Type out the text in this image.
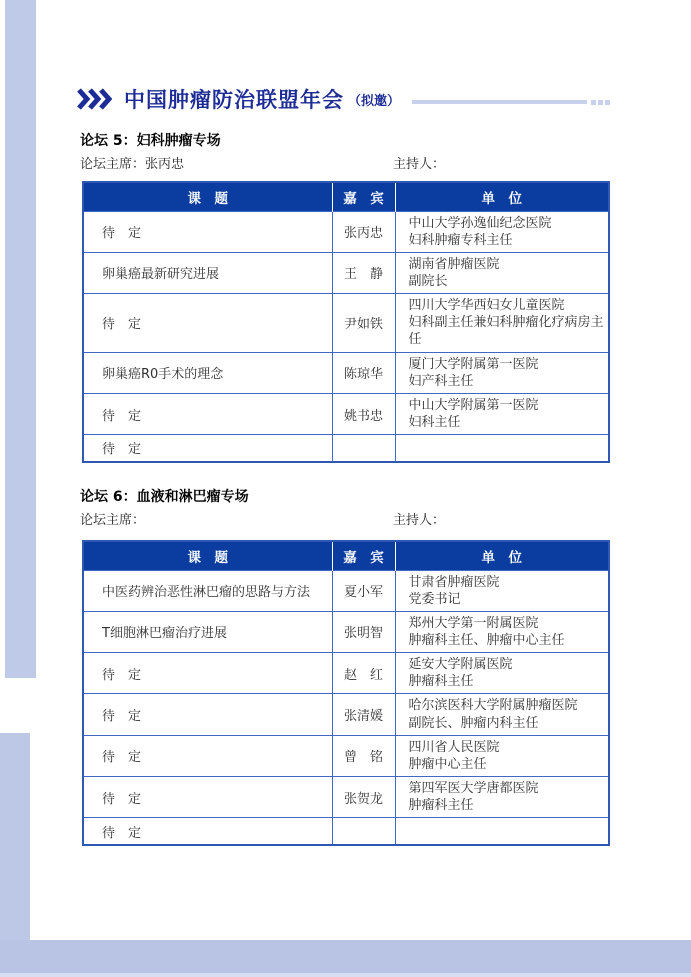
中国肿瘤防治联盟年会 （拟邀）
论坛 5：妇科肿瘤专场
论坛主席：张丙忠	主持人：
课　题	嘉　宾	单　位
待　定	张丙忠	中山大学孙逸仙纪念医院
妇科肿瘤专科主任

卵巢癌最新研究进展	王　静	湖南省肿瘤医院
副院长

待　定	尹如铁	四川大学华西妇女儿童医院
妇科副主任兼妇科肿瘤化疗病房主任

卵巢癌R0手术的理念	陈琼华	厦门大学附属第一医院
妇产科主任

待　定	姚书忠	中山大学附属第一医院
妇科主任

待　定		
论坛 6：血液和淋巴瘤专场
论坛主席：	主持人：
课　题	嘉　宾	单　位
中医药辨治恶性淋巴瘤的思路与方法	夏小军	甘肃省肿瘤医院
党委书记

T细胞淋巴瘤治疗进展	张明智	郑州大学第一附属医院
肿瘤科主任、肿瘤中心主任

待　定	赵　红	延安大学附属医院
肿瘤科主任

待　定	张清媛	哈尔滨医科大学附属肿瘤医院
副院长、肿瘤内科主任

待　定	曾　铭	四川省人民医院
肿瘤中心主任

待　定	张贺龙	第四军医大学唐都医院
肿瘤科主任

待　定		
